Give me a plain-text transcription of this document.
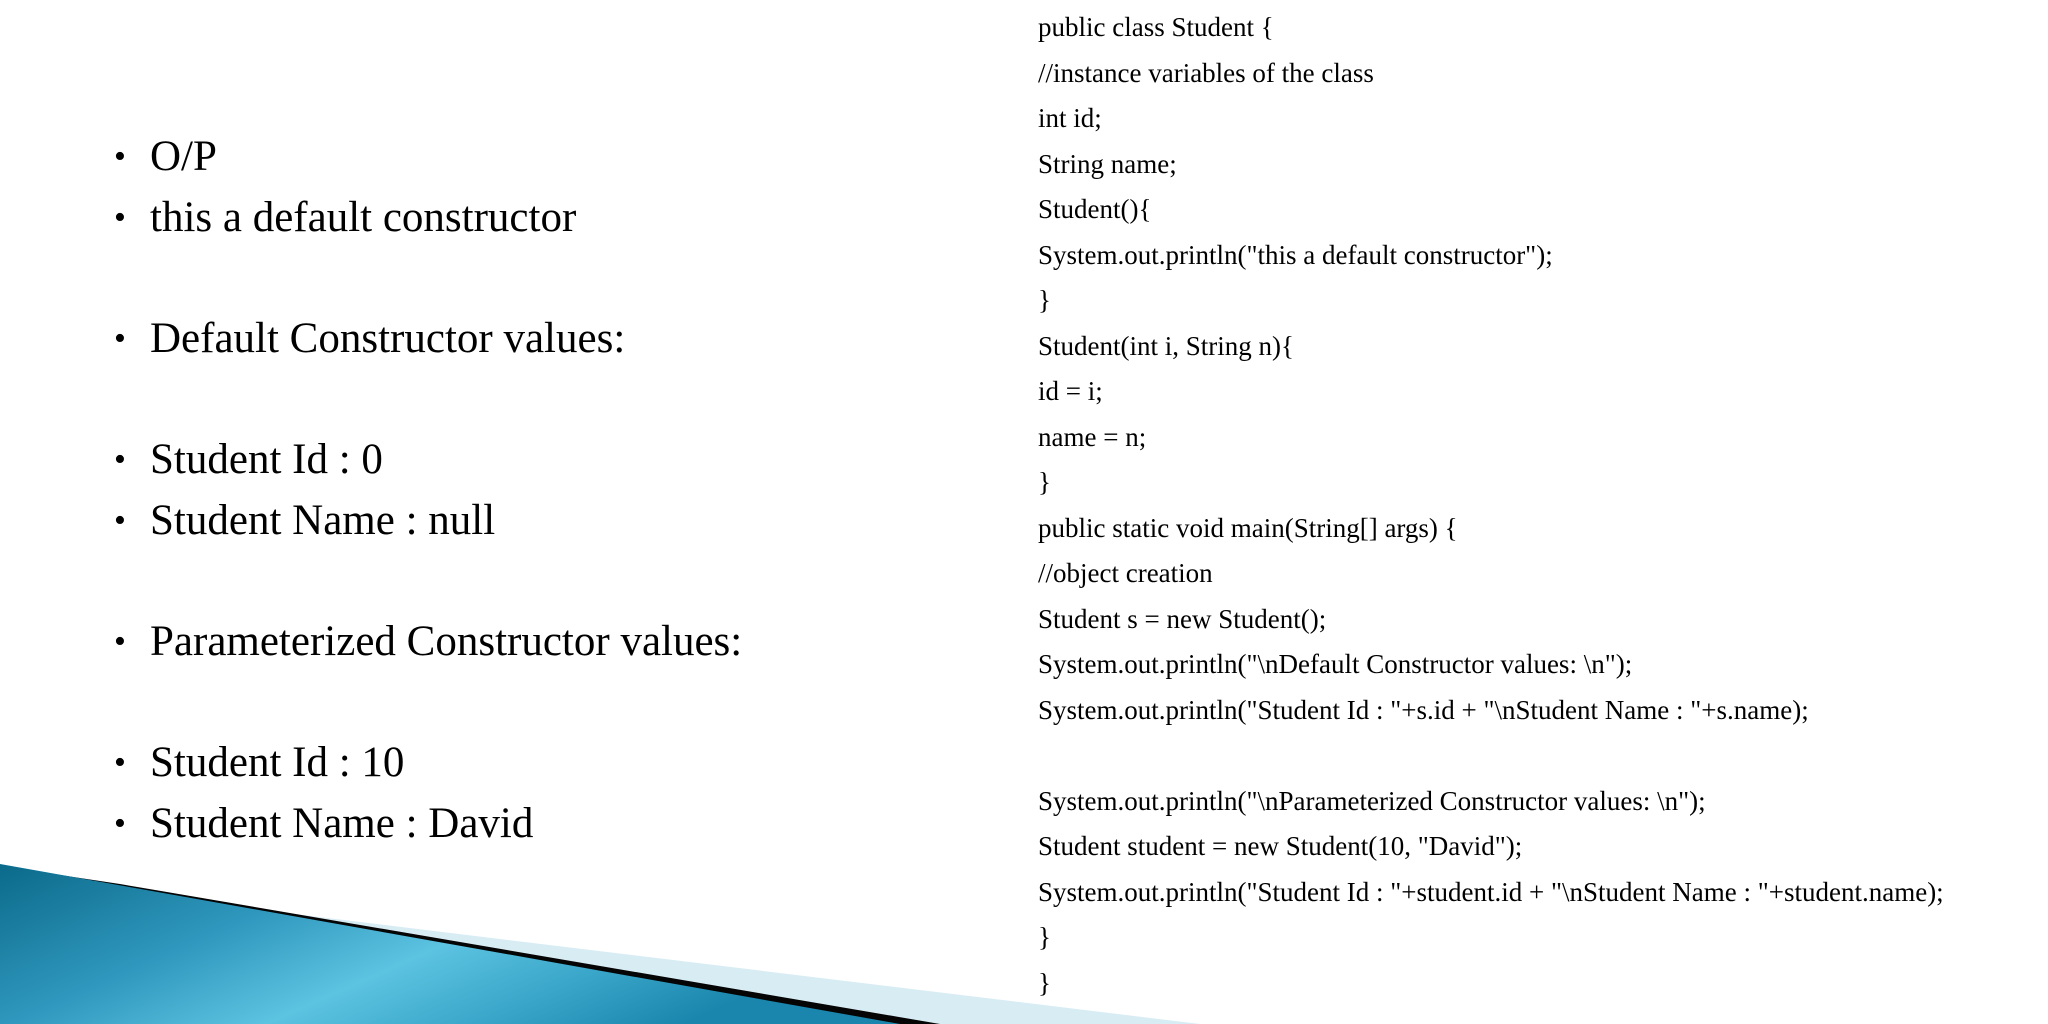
• O/P
• this a default constructor
• Default Constructor values:
• Student Id : 0
• Student Name : null
• Parameterized Constructor values:
• Student Id : 10
• Student Name : David
public class Student {
//instance variables of the class
int id;
String name;
Student(){
System.out.println("this a default constructor");
}
Student(int i, String n){
id = i;
name = n;
}
public static void main(String[] args) {
//object creation
Student s = new Student();
System.out.println("\nDefault Constructor values: \n");
System.out.println("Student Id : "+s.id + "\nStudent Name : "+s.name);
System.out.println("\nParameterized Constructor values: \n");
Student student = new Student(10, "David");
System.out.println("Student Id : "+student.id + "\nStudent Name : "+student.name);
}
}
